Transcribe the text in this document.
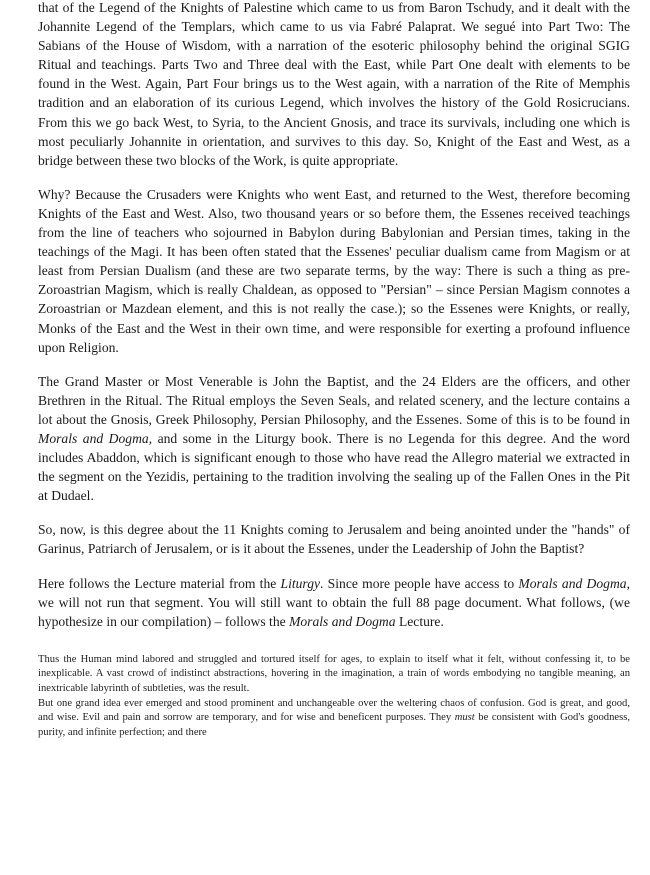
that of the Legend of the Knights of Palestine which came to us from Baron Tschudy, and it dealt with the Johannite Legend of the Templars, which came to us via Fabré Palaprat. We segué into Part Two: The Sabians of the House of Wisdom, with a narration of the esoteric philosophy behind the original SGIG Ritual and teachings. Parts Two and Three deal with the East, while Part One dealt with elements to be found in the West. Again, Part Four brings us to the West again, with a narration of the Rite of Memphis tradition and an elaboration of its curious Legend, which involves the history of the Gold Rosicrucians. From this we go back West, to Syria, to the Ancient Gnosis, and trace its survivals, including one which is most peculiarly Johannite in orientation, and survives to this day. So, Knight of the East and West, as a bridge between these two blocks of the Work, is quite appropriate.

Why? Because the Crusaders were Knights who went East, and returned to the West, therefore becoming Knights of the East and West. Also, two thousand years or so before them, the Essenes received teachings from the line of teachers who sojourned in Babylon during Babylonian and Persian times, taking in the teachings of the Magi. It has been often stated that the Essenes' peculiar dualism came from Magism or at least from Persian Dualism (and these are two separate terms, by the way: There is such a thing as pre-Zoroastrian Magism, which is really Chaldean, as opposed to "Persian" – since Persian Magism connotes a Zoroastrian or Mazdean element, and this is not really the case.); so the Essenes were Knights, or really, Monks of the East and the West in their own time, and were responsible for exerting a profound influence upon Religion.

The Grand Master or Most Venerable is John the Baptist, and the 24 Elders are the officers, and other Brethren in the Ritual. The Ritual employs the Seven Seals, and related scenery, and the lecture contains a lot about the Gnosis, Greek Philosophy, Persian Philosophy, and the Essenes. Some of this is to be found in Morals and Dogma, and some in the Liturgy book. There is no Legenda for this degree. And the word includes Abaddon, which is significant enough to those who have read the Allegro material we extracted in the segment on the Yezidis, pertaining to the tradition involving the sealing up of the Fallen Ones in the Pit at Dudael.

So, now, is this degree about the 11 Knights coming to Jerusalem and being anointed under the "hands" of Garinus, Patriarch of Jerusalem, or is it about the Essenes, under the Leadership of John the Baptist?

Here follows the Lecture material from the Liturgy. Since more people have access to Morals and Dogma, we will not run that segment. You will still want to obtain the full 88 page document. What follows, (we hypothesize in our compilation) – follows the Morals and Dogma Lecture.

Thus the Human mind labored and struggled and tortured itself for ages, to explain to itself what it felt, without confessing it, to be inexplicable. A vast crowd of indistinct abstractions, hovering in the imagination, a train of words embodying no tangible meaning, an inextricable labyrinth of subtleties, was the result.

But one grand idea ever emerged and stood prominent and unchangeable over the weltering chaos of confusion. God is great, and good, and wise. Evil and pain and sorrow are temporary, and for wise and beneficent purposes. They must be consistent with God's goodness, purity, and infinite perfection; and there
